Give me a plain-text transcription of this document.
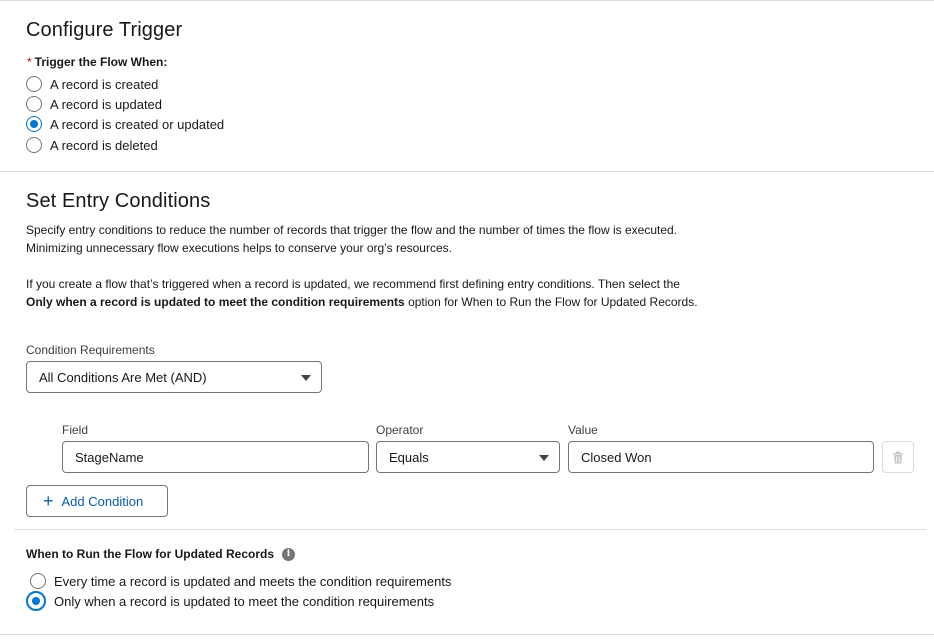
Configure Trigger
* Trigger the Flow When:
A record is created
A record is updated
A record is created or updated
A record is deleted
Set Entry Conditions
Specify entry conditions to reduce the number of records that trigger the flow and the number of times the flow is executed. Minimizing unnecessary flow executions helps to conserve your org’s resources.
If you create a flow that’s triggered when a record is updated, we recommend first defining entry conditions. Then select the Only when a record is updated to meet the condition requirements option for When to Run the Flow for Updated Records.
Condition Requirements
All Conditions Are Met (AND)
Field	Operator	Value
StageName	Equals	Closed Won
+ Add Condition
When to Run the Flow for Updated Records	i
Every time a record is updated and meets the condition requirements
Only when a record is updated to meet the condition requirements
